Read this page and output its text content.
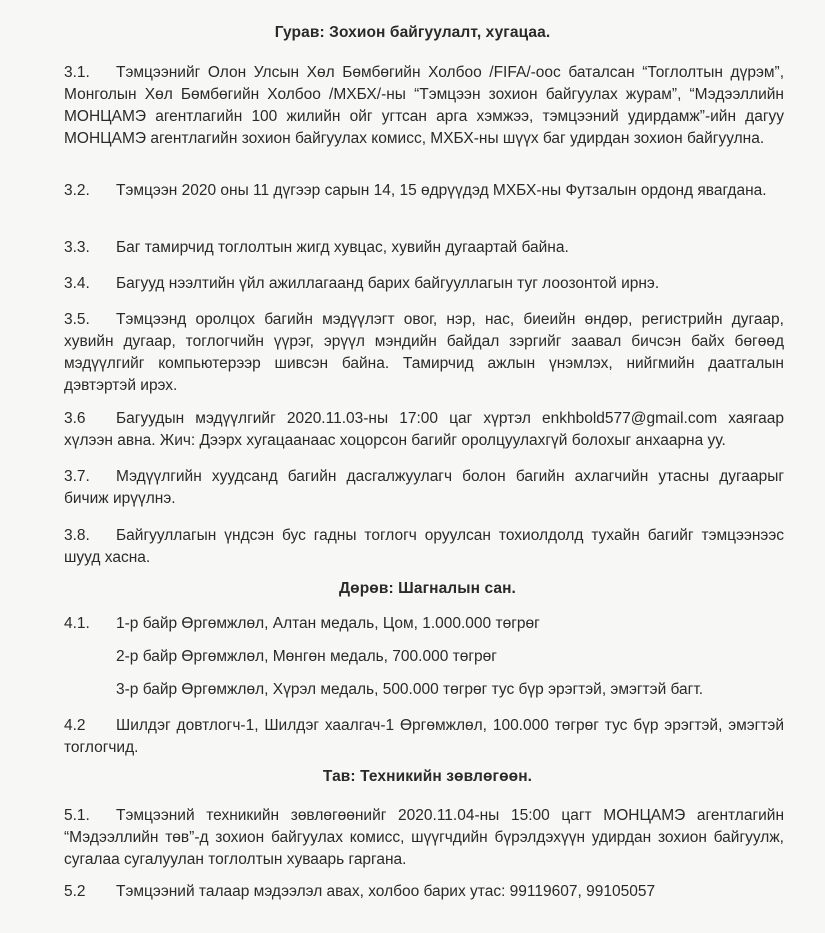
Гурав: Зохион байгуулалт, хугацаа.
3.1. Тэмцээнийг Олон Улсын Хөл Бөмбөгийн Холбоо /FIFA/-оос баталсан “Тоглолтын дүрэм”, Монголын Хөл Бөмбөгийн Холбоо /МХБХ/-ны “Тэмцээн зохион байгуулах журам”, “Мэдээллийн МОНЦАМЭ агентлагийн 100 жилийн ойг угтсан арга хэмжээ, тэмцээний удирдамж”-ийн дагуу МОНЦАМЭ агентлагийн зохион байгуулах комисс, МХБХ-ны шүүх баг удирдан зохион байгуулна.
3.2. Тэмцээн 2020 оны 11 дүгээр сарын 14, 15 өдрүүдэд МХБХ-ны Футзалын ордонд явагдана.
3.3. Баг тамирчид тоглолтын жигд хувцас, хувийн дугаартай байна.
3.4. Багууд нээлтийн үйл ажиллагаанд барих байгууллагын туг лоозонтой ирнэ.
3.5. Тэмцээнд оролцох багийн мэдүүлэгт овог, нэр, нас, биеийн өндөр, регистрийн дугаар, хувийн дугаар, тоглогчийн үүрэг, эрүүл мэндийн байдал зэргийг заавал бичсэн байх бөгөөд мэдүүлгийг компьютерээр шивсэн байна. Тамирчид ажлын үнэмлэх, нийгмийн даатгалын дэвтэртэй ирэх.
3.6 Багуудын мэдүүлгийг 2020.11.03-ны 17:00 цаг хүртэл enkhbold577@gmail.com хаягаар хүлээн авна. Жич: Дээрх хугацаанаас хоцорсон багийг оролцуулахгүй болохыг анхаарна уу.
3.7. Мэдүүлгийн хуудсанд багийн дасгалжуулагч болон багийн ахлагчийн утасны дугаарыг бичиж ирүүлнэ.
3.8. Байгууллагын үндсэн бус гадны тоглогч оруулсан тохиолдолд тухайн багийг тэмцээнээс шууд хасна.
Дөрөв: Шагналын сан.
4.1. 1-р байр Өргөмжлөл, Алтан медаль, Цом, 1.000.000 төгрөг
2-р байр Өргөмжлөл, Мөнгөн медаль, 700.000 төгрөг
3-р байр Өргөмжлөл, Хүрэл медаль, 500.000 төгрөг тус бүр эрэгтэй, эмэгтэй багт.
4.2 Шилдэг довтлогч-1, Шилдэг хаалгач-1 Өргөмжлөл, 100.000 төгрөг тус бүр эрэгтэй, эмэгтэй тоглогчид.
Тав: Техникийн зөвлөгөөн.
5.1. Тэмцээний техникийн зөвлөгөөнийг 2020.11.04-ны 15:00 цагт МОНЦАМЭ агентлагийн “Мэдээллийн төв”-д зохион байгуулах комисс, шүүгчдийн бүрэлдэхүүн удирдан зохион байгуулж, сугалаа сугалуулан тоглолтын хуваарь гаргана.
5.2 Тэмцээний талаар мэдээлэл авах, холбоо барих утас: 99119607, 99105057
